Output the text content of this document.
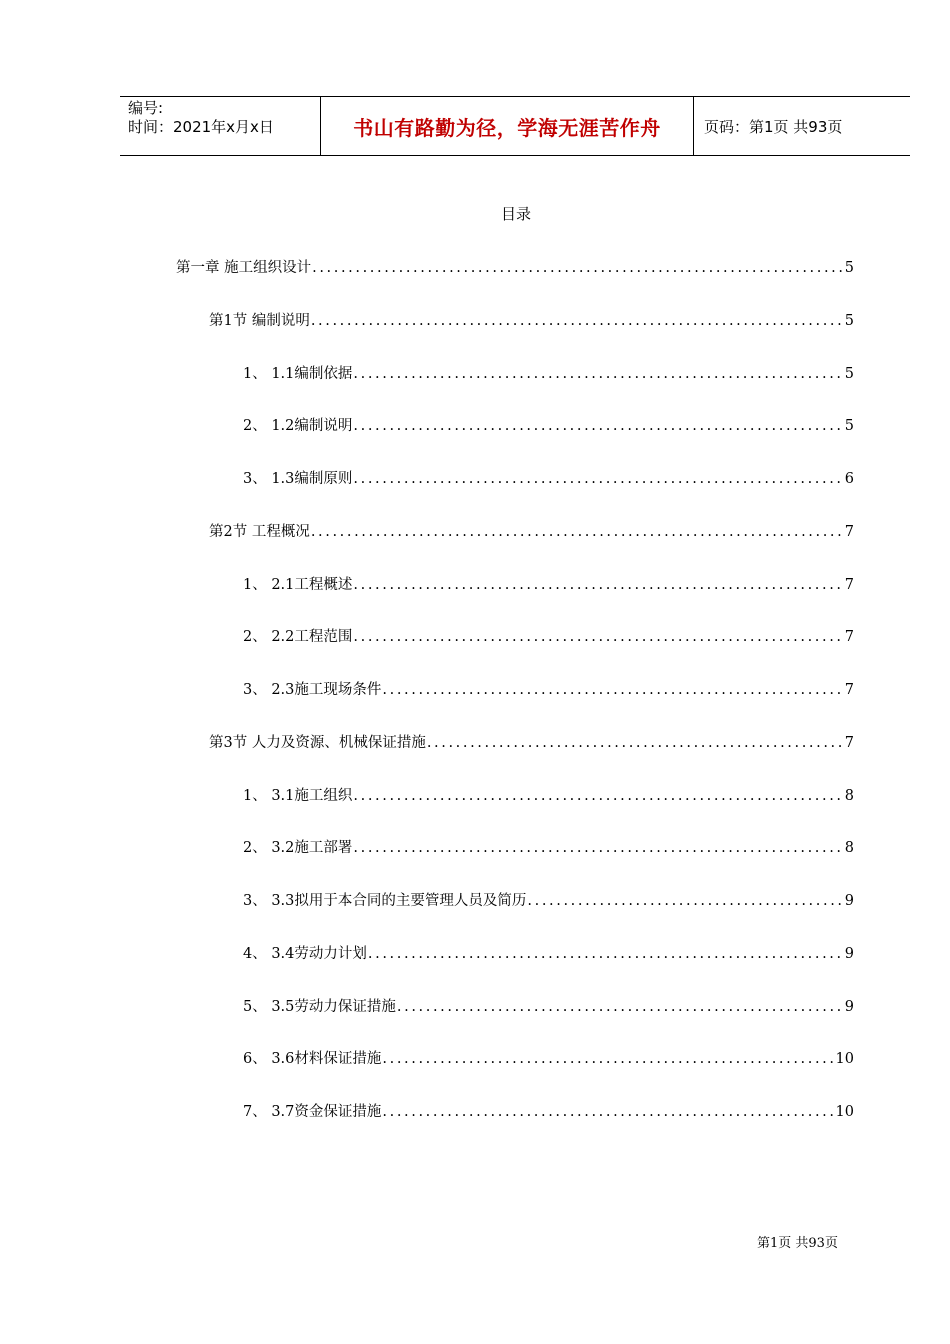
编号:
时间：2021年x月x日	书山有路勤为径，学海无涯苦作舟	页码：第1页 共93页
目录
第一章 施工组织设计 .....	5
第1节 编制说明 .....	5
1、 1.1编制依据 .....	5
2、 1.2编制说明 .....	5
3、 1.3编制原则 .....	6
第2节 工程概况 .....	7
1、 2.1工程概述 .....	7
2、 2.2工程范围 .....	7
3、 2.3施工现场条件 .....	7
第3节 人力及资源、机械保证措施 .....	7
1、 3.1施工组织 .....	8
2、 3.2施工部署 .....	8
3、 3.3拟用于本合同的主要管理人员及简历 .....	9
4、 3.4劳动力计划 .....	9
5、 3.5劳动力保证措施 .....	9
6、 3.6材料保证措施 .....	10
7、 3.7资金保证措施 .....	10
第1页 共93页
